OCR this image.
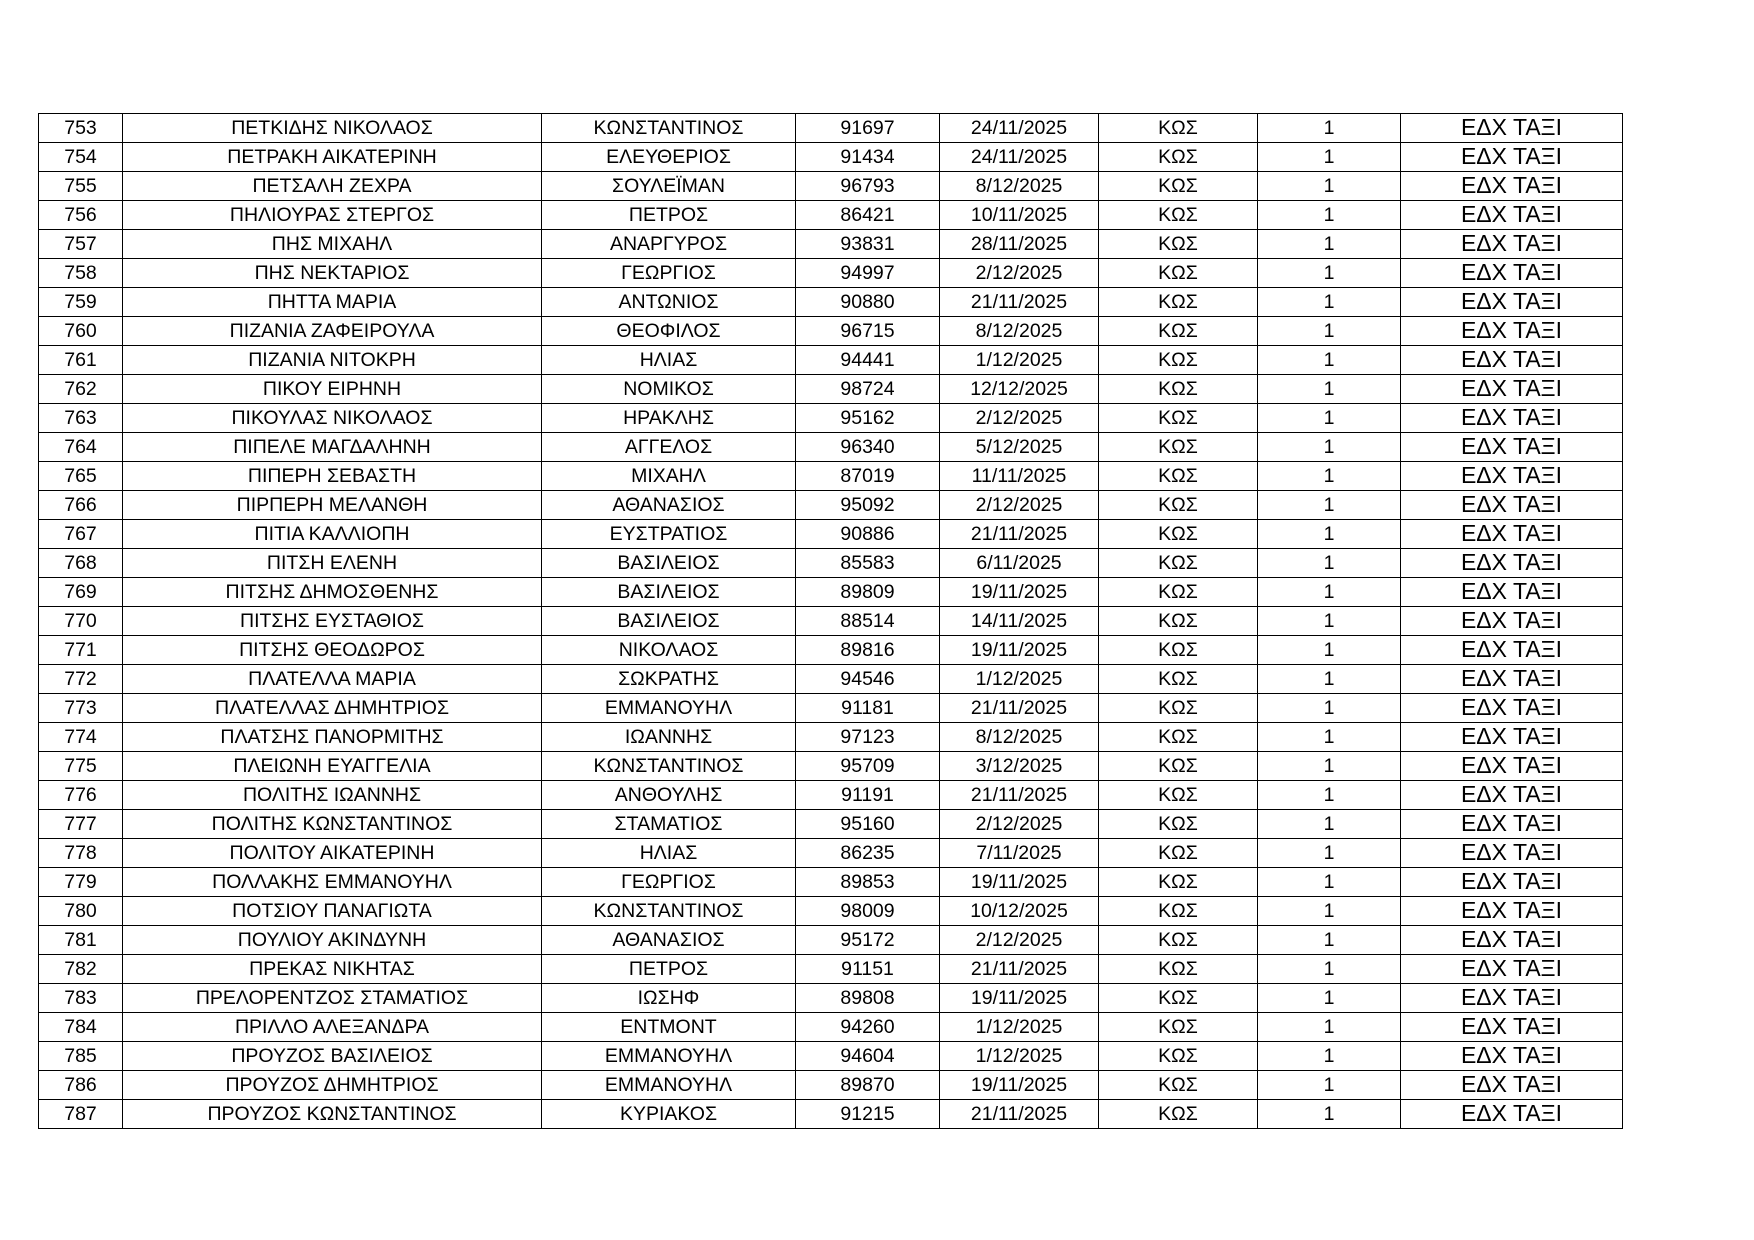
753	ΠΕΤΚΙΔΗΣ ΝΙΚΟΛΑΟΣ	ΚΩΝΣΤΑΝΤΙΝΟΣ	91697	24/11/2025	ΚΩΣ	1	ΕΔΧ ΤΑΞΙ
754	ΠΕΤΡΑΚΗ ΑΙΚΑΤΕΡΙΝΗ	ΕΛΕΥΘΕΡΙΟΣ	91434	24/11/2025	ΚΩΣ	1	ΕΔΧ ΤΑΞΙ
755	ΠΕΤΣΑΛΗ ΖΕΧΡΑ	ΣΟΥΛΕΪΜΑΝ	96793	8/12/2025	ΚΩΣ	1	ΕΔΧ ΤΑΞΙ
756	ΠΗΛΙΟΥΡΑΣ ΣΤΕΡΓΟΣ	ΠΕΤΡΟΣ	86421	10/11/2025	ΚΩΣ	1	ΕΔΧ ΤΑΞΙ
757	ΠΗΣ ΜΙΧΑΗΛ	ΑΝΑΡΓΥΡΟΣ	93831	28/11/2025	ΚΩΣ	1	ΕΔΧ ΤΑΞΙ
758	ΠΗΣ ΝΕΚΤΑΡΙΟΣ	ΓΕΩΡΓΙΟΣ	94997	2/12/2025	ΚΩΣ	1	ΕΔΧ ΤΑΞΙ
759	ΠΗΤΤΑ ΜΑΡΙΑ	ΑΝΤΩΝΙΟΣ	90880	21/11/2025	ΚΩΣ	1	ΕΔΧ ΤΑΞΙ
760	ΠΙΖΑΝΙΑ ΖΑΦΕΙΡΟΥΛΑ	ΘΕΟΦΙΛΟΣ	96715	8/12/2025	ΚΩΣ	1	ΕΔΧ ΤΑΞΙ
761	ΠΙΖΑΝΙΑ ΝΙΤΟΚΡΗ	ΗΛΙΑΣ	94441	1/12/2025	ΚΩΣ	1	ΕΔΧ ΤΑΞΙ
762	ΠΙΚΟΥ ΕΙΡΗΝΗ	ΝΟΜΙΚΟΣ	98724	12/12/2025	ΚΩΣ	1	ΕΔΧ ΤΑΞΙ
763	ΠΙΚΟΥΛΑΣ ΝΙΚΟΛΑΟΣ	ΗΡΑΚΛΗΣ	95162	2/12/2025	ΚΩΣ	1	ΕΔΧ ΤΑΞΙ
764	ΠΙΠΕΛΕ ΜΑΓΔΑΛΗΝΗ	ΑΓΓΕΛΟΣ	96340	5/12/2025	ΚΩΣ	1	ΕΔΧ ΤΑΞΙ
765	ΠΙΠΕΡΗ ΣΕΒΑΣΤΗ	ΜΙΧΑΗΛ	87019	11/11/2025	ΚΩΣ	1	ΕΔΧ ΤΑΞΙ
766	ΠΙΡΠΕΡΗ ΜΕΛΑΝΘΗ	ΑΘΑΝΑΣΙΟΣ	95092	2/12/2025	ΚΩΣ	1	ΕΔΧ ΤΑΞΙ
767	ΠΙΤΙΑ ΚΑΛΛΙΟΠΗ	ΕΥΣΤΡΑΤΙΟΣ	90886	21/11/2025	ΚΩΣ	1	ΕΔΧ ΤΑΞΙ
768	ΠΙΤΣΗ ΕΛΕΝΗ	ΒΑΣΙΛΕΙΟΣ	85583	6/11/2025	ΚΩΣ	1	ΕΔΧ ΤΑΞΙ
769	ΠΙΤΣΗΣ ΔΗΜΟΣΘΕΝΗΣ	ΒΑΣΙΛΕΙΟΣ	89809	19/11/2025	ΚΩΣ	1	ΕΔΧ ΤΑΞΙ
770	ΠΙΤΣΗΣ ΕΥΣΤΑΘΙΟΣ	ΒΑΣΙΛΕΙΟΣ	88514	14/11/2025	ΚΩΣ	1	ΕΔΧ ΤΑΞΙ
771	ΠΙΤΣΗΣ ΘΕΟΔΩΡΟΣ	ΝΙΚΟΛΑΟΣ	89816	19/11/2025	ΚΩΣ	1	ΕΔΧ ΤΑΞΙ
772	ΠΛΑΤΕΛΛΑ ΜΑΡΙΑ	ΣΩΚΡΑΤΗΣ	94546	1/12/2025	ΚΩΣ	1	ΕΔΧ ΤΑΞΙ
773	ΠΛΑΤΕΛΛΑΣ ΔΗΜΗΤΡΙΟΣ	ΕΜΜΑΝΟΥΗΛ	91181	21/11/2025	ΚΩΣ	1	ΕΔΧ ΤΑΞΙ
774	ΠΛΑΤΣΗΣ ΠΑΝΟΡΜΙΤΗΣ	ΙΩΑΝΝΗΣ	97123	8/12/2025	ΚΩΣ	1	ΕΔΧ ΤΑΞΙ
775	ΠΛΕΙΩΝΗ ΕΥΑΓΓΕΛΙΑ	ΚΩΝΣΤΑΝΤΙΝΟΣ	95709	3/12/2025	ΚΩΣ	1	ΕΔΧ ΤΑΞΙ
776	ΠΟΛΙΤΗΣ ΙΩΑΝΝΗΣ	ΑΝΘΟΥΛΗΣ	91191	21/11/2025	ΚΩΣ	1	ΕΔΧ ΤΑΞΙ
777	ΠΟΛΙΤΗΣ ΚΩΝΣΤΑΝΤΙΝΟΣ	ΣΤΑΜΑΤΙΟΣ	95160	2/12/2025	ΚΩΣ	1	ΕΔΧ ΤΑΞΙ
778	ΠΟΛΙΤΟΥ ΑΙΚΑΤΕΡΙΝΗ	ΗΛΙΑΣ	86235	7/11/2025	ΚΩΣ	1	ΕΔΧ ΤΑΞΙ
779	ΠΟΛΛΑΚΗΣ ΕΜΜΑΝΟΥΗΛ	ΓΕΩΡΓΙΟΣ	89853	19/11/2025	ΚΩΣ	1	ΕΔΧ ΤΑΞΙ
780	ΠΟΤΣΙΟΥ ΠΑΝΑΓΙΩΤΑ	ΚΩΝΣΤΑΝΤΙΝΟΣ	98009	10/12/2025	ΚΩΣ	1	ΕΔΧ ΤΑΞΙ
781	ΠΟΥΛΙΟΥ ΑΚΙΝΔΥΝΗ	ΑΘΑΝΑΣΙΟΣ	95172	2/12/2025	ΚΩΣ	1	ΕΔΧ ΤΑΞΙ
782	ΠΡΕΚΑΣ ΝΙΚΗΤΑΣ	ΠΕΤΡΟΣ	91151	21/11/2025	ΚΩΣ	1	ΕΔΧ ΤΑΞΙ
783	ΠΡΕΛΟΡΕΝΤΖΟΣ ΣΤΑΜΑΤΙΟΣ	ΙΩΣΗΦ	89808	19/11/2025	ΚΩΣ	1	ΕΔΧ ΤΑΞΙ
784	ΠΡΙΛΛΟ ΑΛΕΞΑΝΔΡΑ	ΕΝΤΜΟΝΤ	94260	1/12/2025	ΚΩΣ	1	ΕΔΧ ΤΑΞΙ
785	ΠΡΟΥΖΟΣ ΒΑΣΙΛΕΙΟΣ	ΕΜΜΑΝΟΥΗΛ	94604	1/12/2025	ΚΩΣ	1	ΕΔΧ ΤΑΞΙ
786	ΠΡΟΥΖΟΣ ΔΗΜΗΤΡΙΟΣ	ΕΜΜΑΝΟΥΗΛ	89870	19/11/2025	ΚΩΣ	1	ΕΔΧ ΤΑΞΙ
787	ΠΡΟΥΖΟΣ ΚΩΝΣΤΑΝΤΙΝΟΣ	ΚΥΡΙΑΚΟΣ	91215	21/11/2025	ΚΩΣ	1	ΕΔΧ ΤΑΞΙ
